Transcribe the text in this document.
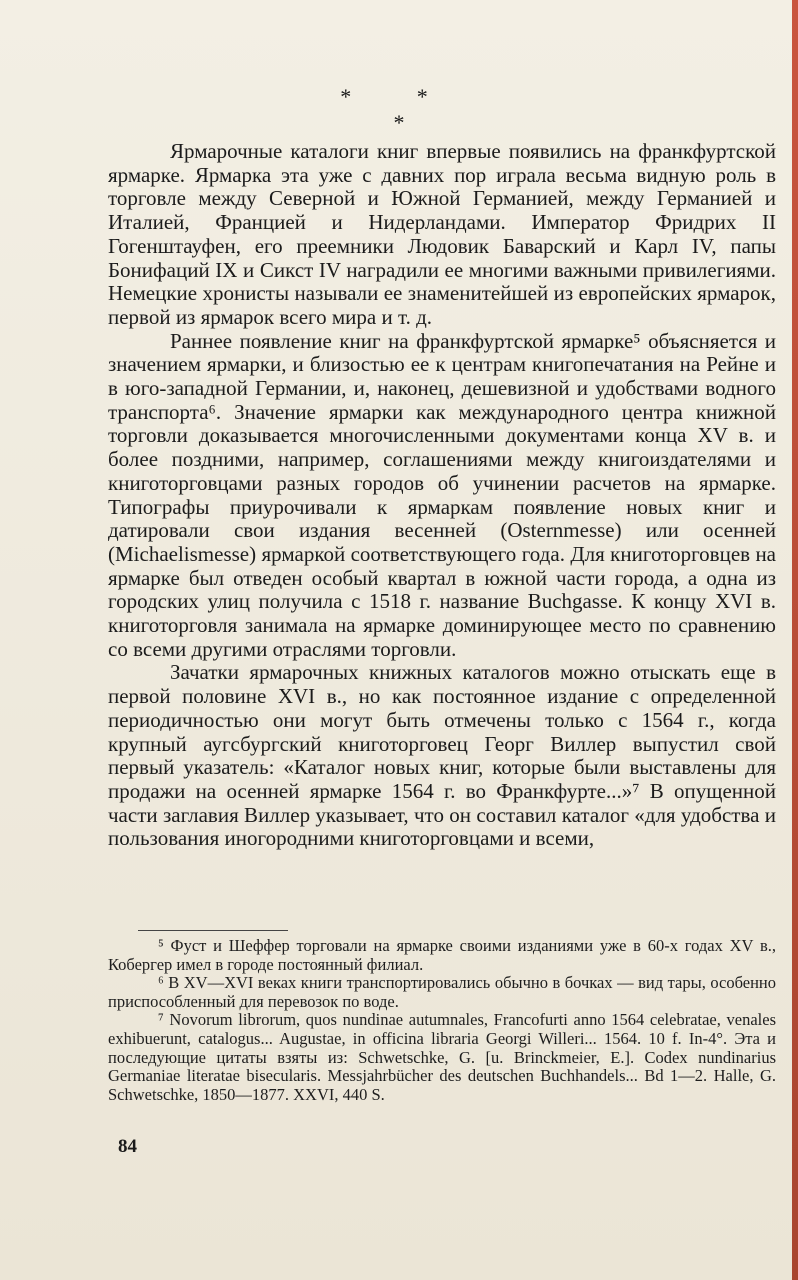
* *
*

Ярмарочные каталоги книг впервые появились на франкфуртской ярмарке. Ярмарка эта уже с давних пор играла весьма видную роль в торговле между Северной и Южной Германией, между Германией и Италией, Францией и Нидерландами. Император Фридрих II Гогенштауфен, его преемники Людовик Баварский и Карл IV, папы Бонифаций IX и Сикст IV наградили ее многими важными привилегиями. Немецкие хронисты называли ее знаменитейшей из европейских ярмарок, первой из ярмарок всего мира и т. д.

Раннее появление книг на франкфуртской ярмарке⁵ объясняется и значением ярмарки, и близостью ее к центрам книгопечатания на Рейне и в юго-западной Германии, и, наконец, дешевизной и удобствами водного транспорта⁶. Значение ярмарки как международного центра книжной торговли доказывается многочисленными документами конца XV в. и более поздними, например, соглашениями между книгоиздателями и книготорговцами разных городов об учинении расчетов на ярмарке. Типографы приурочивали к ярмаркам появление новых книг и датировали свои издания весенней (Osternmesse) или осенней (Michaelismesse) ярмаркой соответствующего года. Для книготорговцев на ярмарке был отведен особый квартал в южной части города, а одна из городских улиц получила с 1518 г. название Buchgasse. К концу XVI в. книготорговля занимала на ярмарке доминирующее место по сравнению со всеми другими отраслями торговли.

Зачатки ярмарочных книжных каталогов можно отыскать еще в первой половине XVI в., но как постоянное издание с определенной периодичностью они могут быть отмечены только с 1564 г., когда крупный аугсбургский книготорговец Георг Виллер выпустил свой первый указатель: «Каталог новых книг, которые были выставлены для продажи на осенней ярмарке 1564 г. во Франкфурте...»⁷ В опущенной части заглавия Виллер указывает, что он составил каталог «для удобства и пользования иногородними книготорговцами и всеми,

⁵ Фуст и Шеффер торговали на ярмарке своими изданиями уже в 60-х годах XV в., Кобергер имел в городе постоянный филиал.

⁶ В XV—XVI веках книги транспортировались обычно в бочках — вид тары, особенно приспособленный для перевозок по воде.

⁷ Novorum librorum, quos nundinae autumnales, Francofurti anno 1564 celebratae, venales exhibuerunt, catalogus... Augustae, in officina libraria Georgi Willeri... 1564. 10 f. In-4°. Эта и последующие цитаты взяты из: Schwetschke, G. [u. Brinckmeier, E.]. Codex nundinarius Germaniae literatae bisecularis. Messjahrbücher des deutschen Buchhandels... Bd 1—2. Halle, G. Schwetschke, 1850—1877. XXVI, 440 S.

84
